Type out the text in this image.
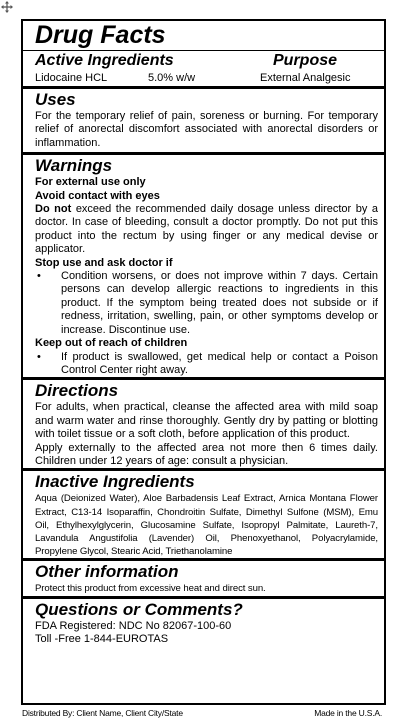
Drug Facts
Active Ingredients	Purpose
Lidocaine HCL	5.0% w/w	External Analgesic
Uses
For the temporary relief of pain, soreness or burning. For temporary relief of anorectal discomfort associated with anorectal disorders or inflammation.
Warnings
For external use only
Avoid contact with eyes
Do not exceed the recommended daily dosage unless director by a doctor. In case of bleeding, consult a doctor promptly. Do not put this product into the rectum by using finger or any medical devise or applicator.
Stop use and ask doctor if
•	Condition worsens, or does not improve within 7 days. Certain persons can develop allergic reactions to ingredients in this product. If the symptom being treated does not subside or if redness, irritation, swelling, pain, or other symptoms develop or increase. Discontinue use.
Keep out of reach of children
•	If product is swallowed, get medical help or contact a Poison Control Center right away.
Directions
For adults, when practical, cleanse the affected area with mild soap and warm water and rinse thoroughly. Gently dry by patting or blotting with toilet tissue or a soft cloth, before application of this product.
Apply externally to the affected area not more then 6 times daily. Children under 12 years of age: consult a physician.
Inactive Ingredients
Aqua (Deionized Water), Aloe Barbadensis Leaf Extract, Arnica Montana Flower Extract, C13-14 Isoparaffin, Chondroitin Sulfate, Dimethyl Sulfone (MSM), Emu Oil, Ethylhexylglycerin, Glucosamine Sulfate, Isopropyl Palmitate, Laureth-7, Lavandula Angustifolia (Lavender) Oil, Phenoxyethanol, Polyacrylamide, Propylene Glycol, Stearic Acid, Triethanolamine
Other information
Protect this product from excessive heat and direct sun.
Questions or Comments?
FDA Registered: NDC No 82067-100-60
Toll -Free 1-844-EUROTAS
Distributed By: Client Name, Client City/State	Made in the U.S.A.
